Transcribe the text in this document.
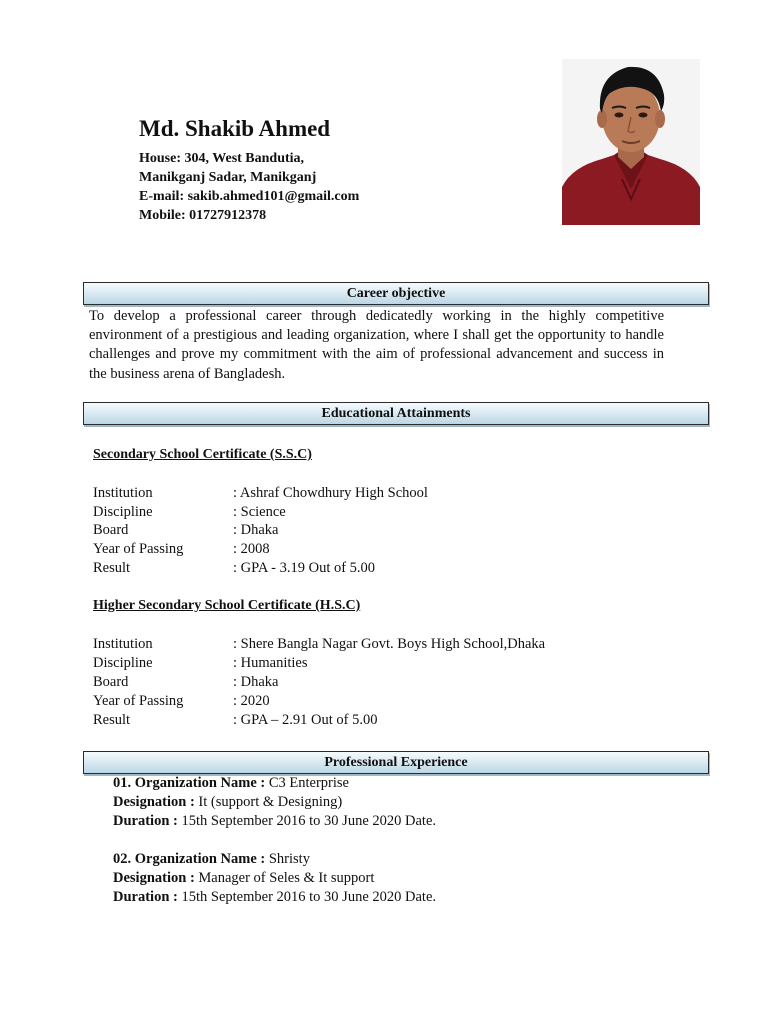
Md. Shakib Ahmed
House: 304, West Bandutia,
Manikganj Sadar, Manikganj
E-mail: sakib.ahmed101@gmail.com
Mobile: 01727912378
Career objective
To develop a professional career through dedicatedly working in the highly competitive environment of a prestigious and leading organization, where I shall get the opportunity to handle challenges and prove my commitment with the aim of professional advancement and success in the business arena of Bangladesh.
Educational Attainments
Secondary School Certificate (S.S.C)
Institution	: Ashraf Chowdhury High School
Discipline	: Science
Board	: Dhaka
Year of Passing	: 2008
Result	: GPA - 3.19 Out of 5.00
Higher Secondary School Certificate (H.S.C)
Institution	: Shere Bangla Nagar Govt. Boys High School,Dhaka
Discipline	: Humanities
Board	: Dhaka
Year of Passing	: 2020
Result	: GPA – 2.91 Out of 5.00
Professional Experience
01. Organization Name : C3 Enterprise
Designation : It (support & Designing)
Duration : 15th September 2016 to 30 June 2020 Date.
02. Organization Name : Shristy
Designation : Manager of Seles & It support
Duration : 15th September 2016 to 30 June 2020 Date.
